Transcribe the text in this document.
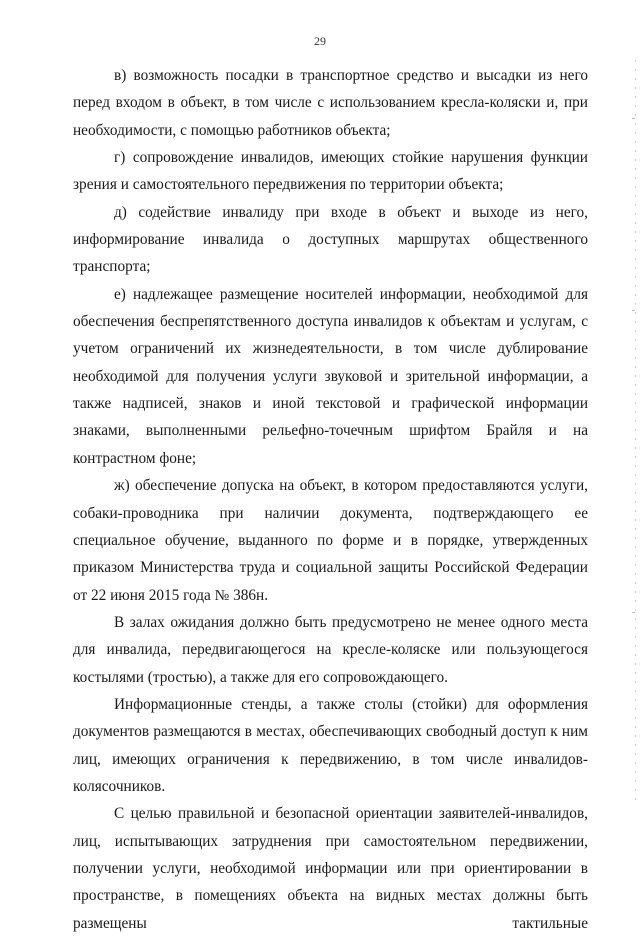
29

в) возможность посадки в транспортное средство и высадки из него перед входом в объект, в том числе с использованием кресла-коляски и, при необходимости, с помощью работников объекта;

г) сопровождение инвалидов, имеющих стойкие нарушения функции зрения и самостоятельного передвижения по территории объекта;

д) содействие инвалиду при входе в объект и выходе из него, информирование инвалида о доступных маршрутах общественного транспорта;

е) надлежащее размещение носителей информации, необходимой для обеспечения беспрепятственного доступа инвалидов к объектам и услугам, с учетом ограничений их жизнедеятельности, в том числе дублирование необходимой для получения услуги звуковой и зрительной информации, а также надписей, знаков и иной текстовой и графической информации знаками, выполненными рельефно-точечным шрифтом Брайля и на контрастном фоне;

ж) обеспечение допуска на объект, в котором предоставляются услуги, собаки-проводника при наличии документа, подтверждающего ее специальное обучение, выданного по форме и в порядке, утвержденных приказом Министерства труда и социальной защиты Российской Федерации от 22 июня 2015 года № 386н.

В залах ожидания должно быть предусмотрено не менее одного места для инвалида, передвигающегося на кресле-коляске или пользующегося костылями (тростью), а также для его сопровождающего.

Информационные стенды, а также столы (стойки) для оформления документов размещаются в местах, обеспечивающих свободный доступ к ним лиц, имеющих ограничения к передвижению, в том числе инвалидов-колясочников.

С целью правильной и безопасной ориентации заявителей-инвалидов, лиц, испытывающих затруднения при самостоятельном передвижении, получении услуги, необходимой информации или при ориентировании в пространстве, в помещениях объекта на видных местах должны быть размещены тактильные
